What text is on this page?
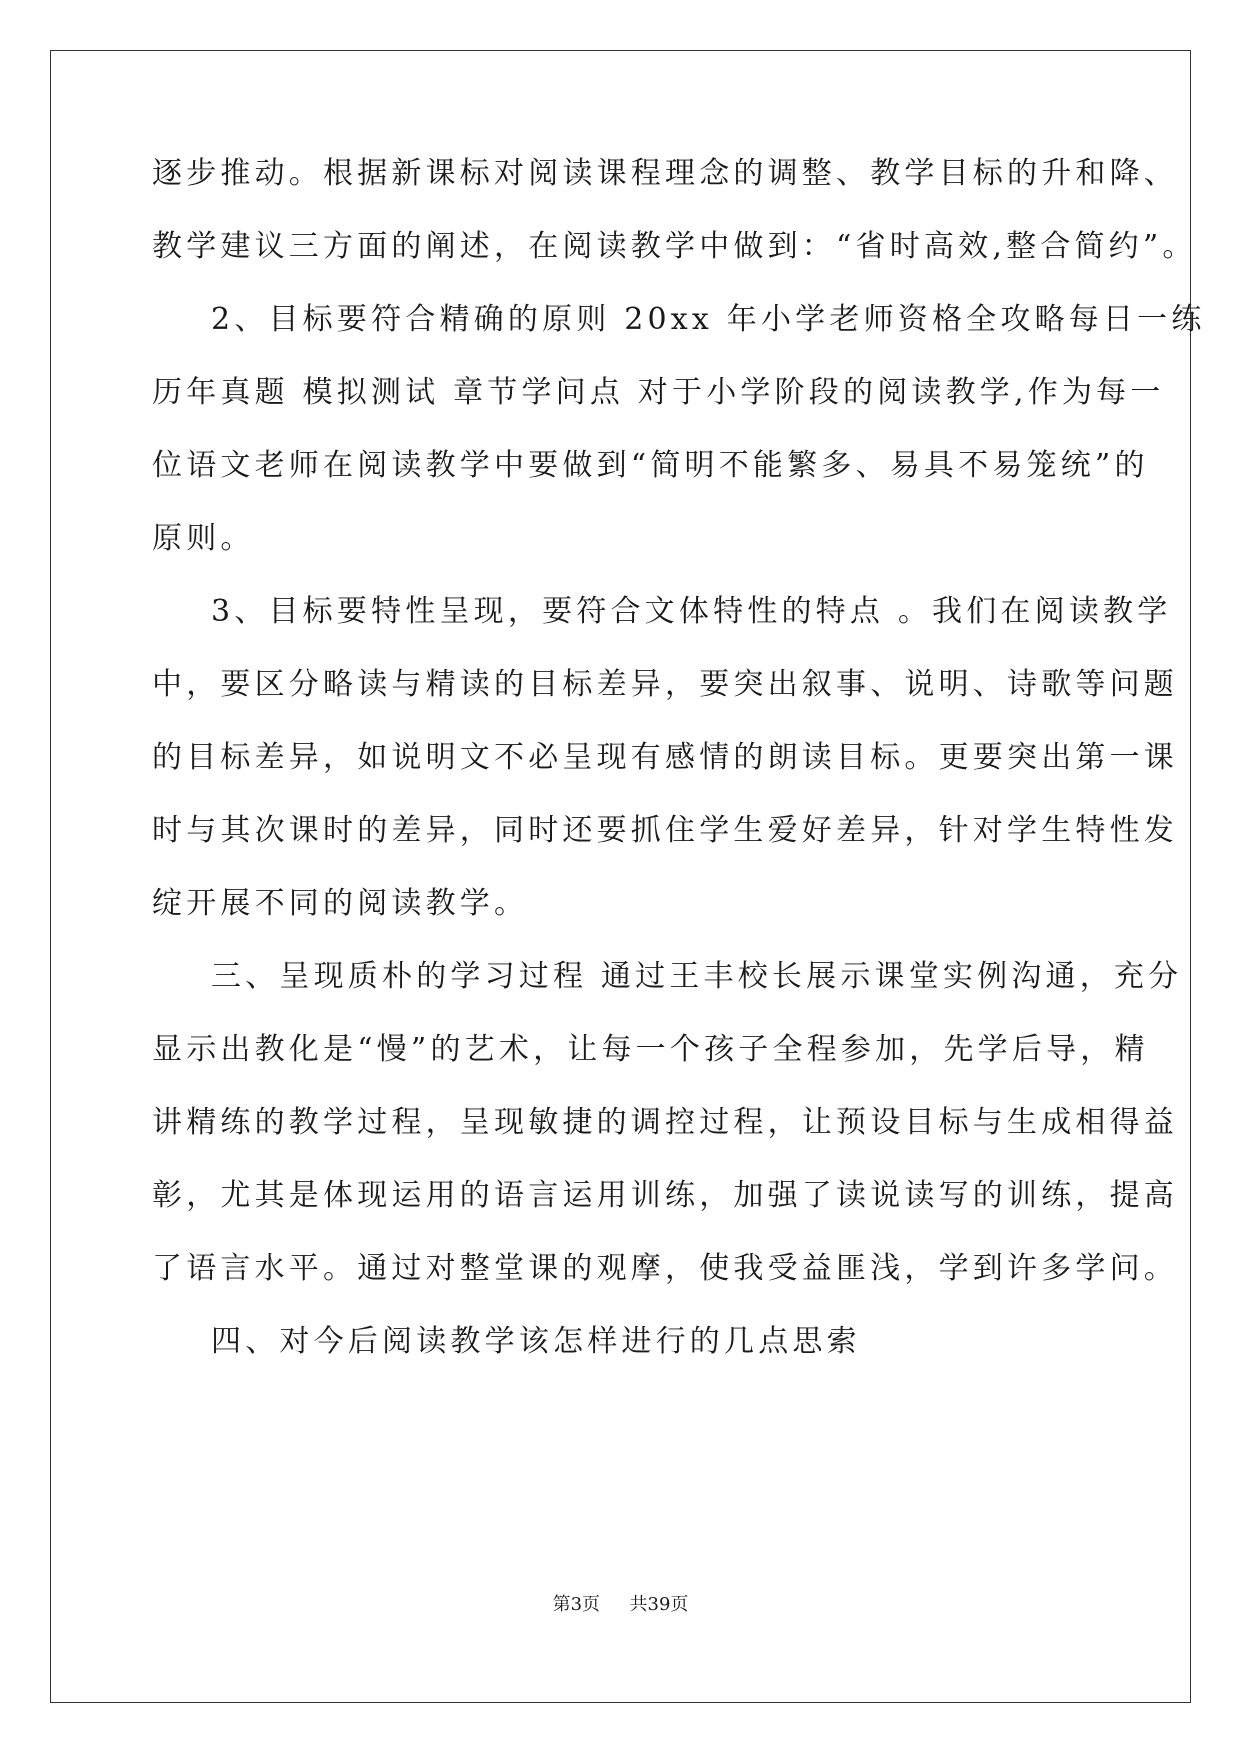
逐步推动。根据新课标对阅读课程理念的调整、教学目标的升和降、
教学建议三方面的阐述，在阅读教学中做到：“省时高效,整合简约”。
2、目标要符合精确的原则 20xx 年小学老师资格全攻略每日一练
历年真题 模拟测试 章节学问点 对于小学阶段的阅读教学,作为每一
位语文老师在阅读教学中要做到“简明不能繁多、易具不易笼统”的
原则。
3、目标要特性呈现，要符合文体特性的特点 。我们在阅读教学
中，要区分略读与精读的目标差异，要突出叙事、说明、诗歌等问题
的目标差异，如说明文不必呈现有感情的朗读目标。更要突出第一课
时与其次课时的差异，同时还要抓住学生爱好差异，针对学生特性发
绽开展不同的阅读教学。
三、呈现质朴的学习过程 通过王丰校长展示课堂实例沟通，充分
显示出教化是“慢”的艺术，让每一个孩子全程参加，先学后导，精
讲精练的教学过程，呈现敏捷的调控过程，让预设目标与生成相得益
彰，尤其是体现运用的语言运用训练，加强了读说读写的训练，提高
了语言水平。通过对整堂课的观摩，使我受益匪浅，学到许多学问。
四、对今后阅读教学该怎样进行的几点思索
第3页 共39页
